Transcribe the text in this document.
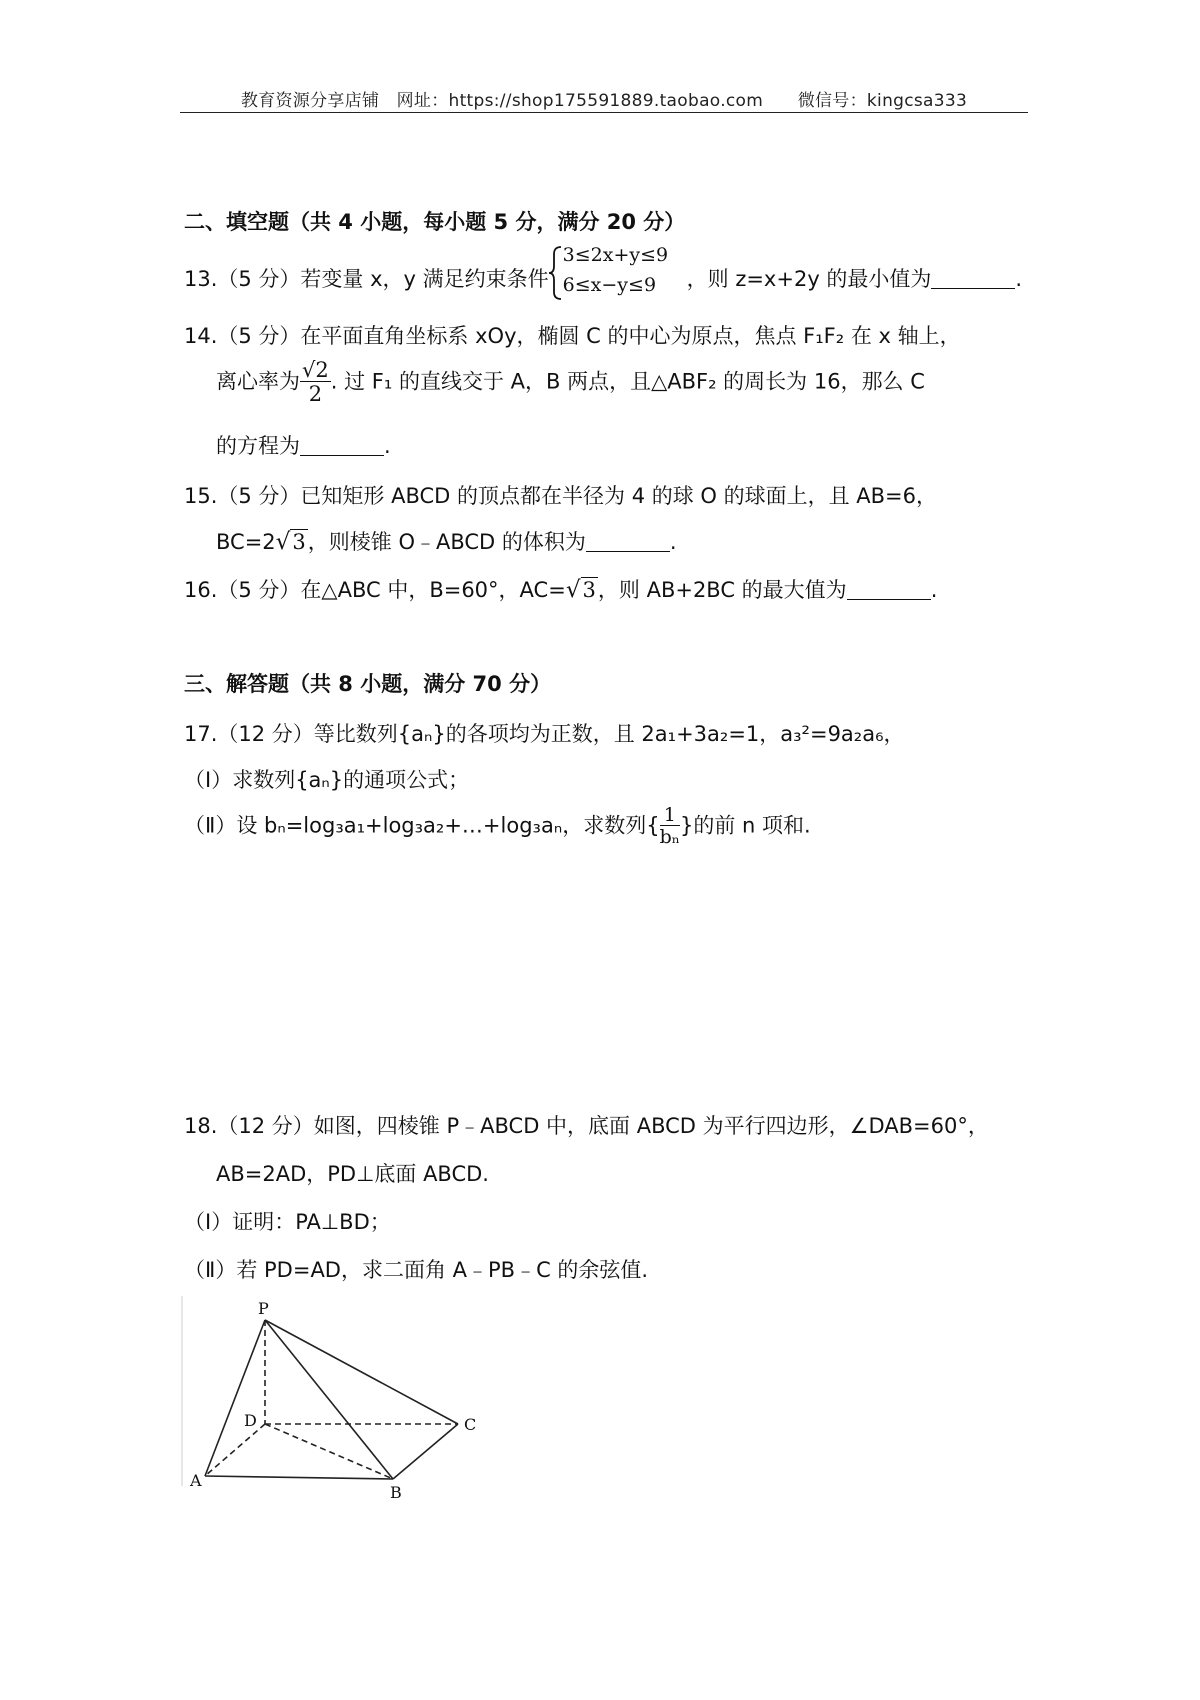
教育资源分享店铺　网址：https://shop175591889.taobao.com　　微信号：kingcsa333
二、填空题（共 4 小题，每小题 5 分，满分 20 分）
13.（5 分）若变量 x，y 满足约束条件
3≤2x+y≤9
6≤x−y≤9 ，则 z=x+2y 的最小值为	.
14.（5 分）在平面直角坐标系 xOy，椭圆 C 的中心为原点，焦点 F₁F₂ 在 x 轴上，
离心率为 $\frac{√2}{2}$ . 过 F₁ 的直线交于 A，B 两点，且△ABF₂ 的周长为 16，那么 C
的方程为	.
15.（5 分）已知矩形 ABCD 的顶点都在半径为 4 的球 O 的球面上，且 AB=6，
BC=2√3，则棱锥 O﹣ABCD 的体积为	.
16.（5 分）在△ABC 中，B=60°，AC=√3，则 AB+2BC 的最大值为	.
三、解答题（共 8 小题，满分 70 分）
17.（12 分）等比数列{aₙ}的各项均为正数，且 2a₁+3a₂=1，a₃²=9a₂a₆，
（Ⅰ）求数列{aₙ}的通项公式；
（Ⅱ）设 bₙ=log₃a₁+log₃a₂+…+log₃aₙ，求数列{ $\frac{1}{\text{bₙ}}$ }的前 n 项和.
18.（12 分）如图，四棱锥 P﹣ABCD 中，底面 ABCD 为平行四边形，∠DAB=60°，
AB=2AD，PD⊥底面 ABCD.
（Ⅰ）证明：PA⊥BD；
（Ⅱ）若 PD=AD，求二面角 A﹣PB﹣C 的余弦值.
P
D	C
A
B
